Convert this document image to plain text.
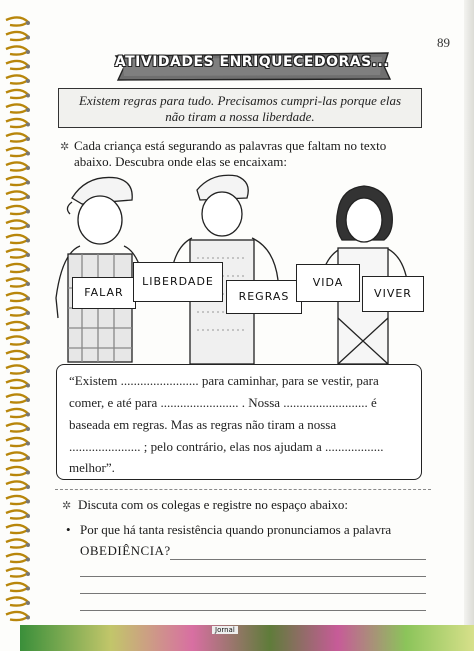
89
ATIVIDADES ENRIQUECEDORAS...
Existem regras para tudo. Precisamos cumpri-las porque elas
não tiram a nossa liberdade.
✲ Cada criança está segurando as palavras que faltam no texto
abaixo. Descubra onde elas se encaixam:
FALAR
LIBERDADE
REGRAS
VIDA
VIVER
“Existem ........................ para caminhar, para se vestir, para
comer, e até para ........................ . Nossa .......................... é
baseada em regras. Mas as regras não tiram a nossa
...................... ; pelo contrário, elas nos ajudam a ..................
melhor”.
✲ Discuta com os colegas e registre no espaço abaixo:
• Por que há tanta resistência quando pronunciamos a palavra
OBEDIÊNCIA?
Jornal
